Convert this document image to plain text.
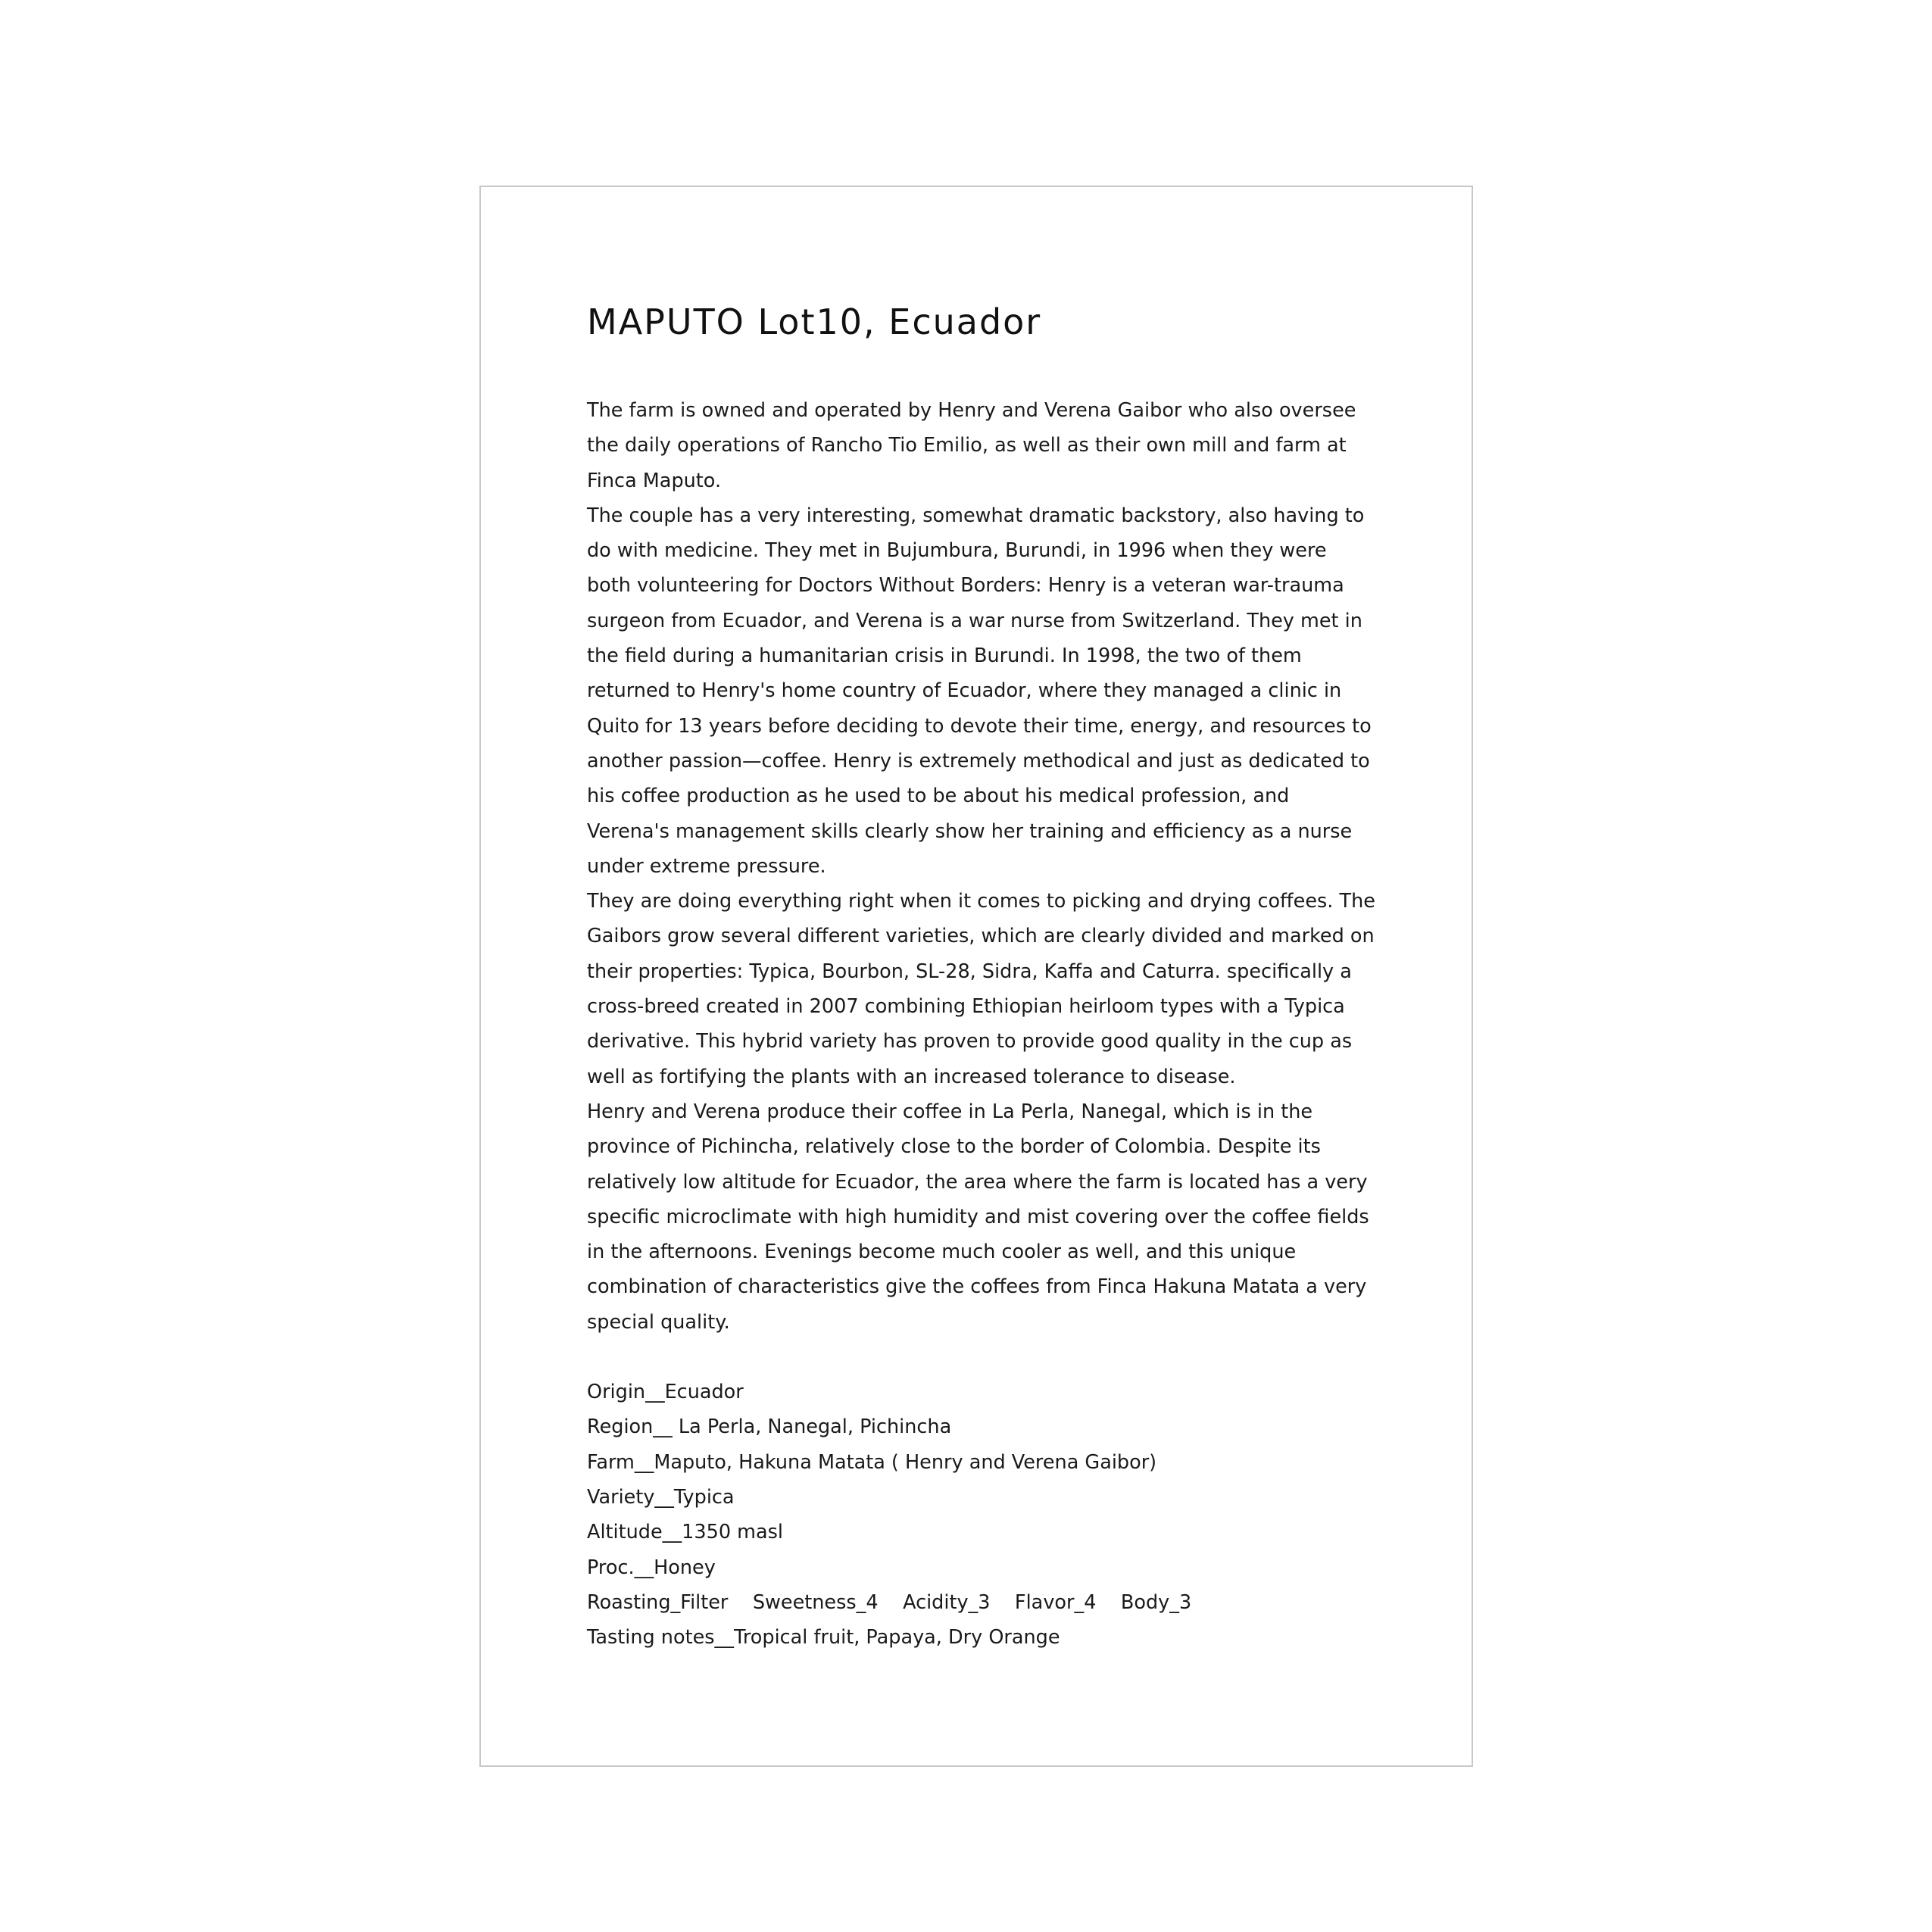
MAPUTO Lot10, Ecuador

The farm is owned and operated by Henry and Verena Gaibor who also oversee
the daily operations of Rancho Tio Emilio, as well as their own mill and farm at
Finca Maputo.

The couple has a very interesting, somewhat dramatic backstory, also having to
do with medicine. They met in Bujumbura, Burundi, in 1996 when they were
both volunteering for Doctors Without Borders: Henry is a veteran war-trauma
surgeon from Ecuador, and Verena is a war nurse from Switzerland. They met in
the field during a humanitarian crisis in Burundi. In 1998, the two of them
returned to Henry's home country of Ecuador, where they managed a clinic in
Quito for 13 years before deciding to devote their time, energy, and resources to
another passion—coffee. Henry is extremely methodical and just as dedicated to
his coffee production as he used to be about his medical profession, and
Verena's management skills clearly show her training and efficiency as a nurse
under extreme pressure.

They are doing everything right when it comes to picking and drying coffees. The
Gaibors grow several different varieties, which are clearly divided and marked on
their properties: Typica, Bourbon, SL-28, Sidra, Kaffa and Caturra. specifically a
cross-breed created in 2007 combining Ethiopian heirloom types with a Typica
derivative. This hybrid variety has proven to provide good quality in the cup as
well as fortifying the plants with an increased tolerance to disease.

Henry and Verena produce their coffee in La Perla, Nanegal, which is in the
province of Pichincha, relatively close to the border of Colombia. Despite its
relatively low altitude for Ecuador, the area where the farm is located has a very
specific microclimate with high humidity and mist covering over the coffee fields
in the afternoons. Evenings become much cooler as well, and this unique
combination of characteristics give the coffees from Finca Hakuna Matata a very
special quality.

Origin__Ecuador

Region__ La Perla, Nanegal, Pichincha

Farm__Maputo, Hakuna Matata ( Henry and Verena Gaibor)

Variety__Typica

Altitude__1350 masl

Proc.__Honey

Roasting_Filter    Sweetness_4    Acidity_3    Flavor_4    Body_3

Tasting notes__Tropical fruit, Papaya, Dry Orange
